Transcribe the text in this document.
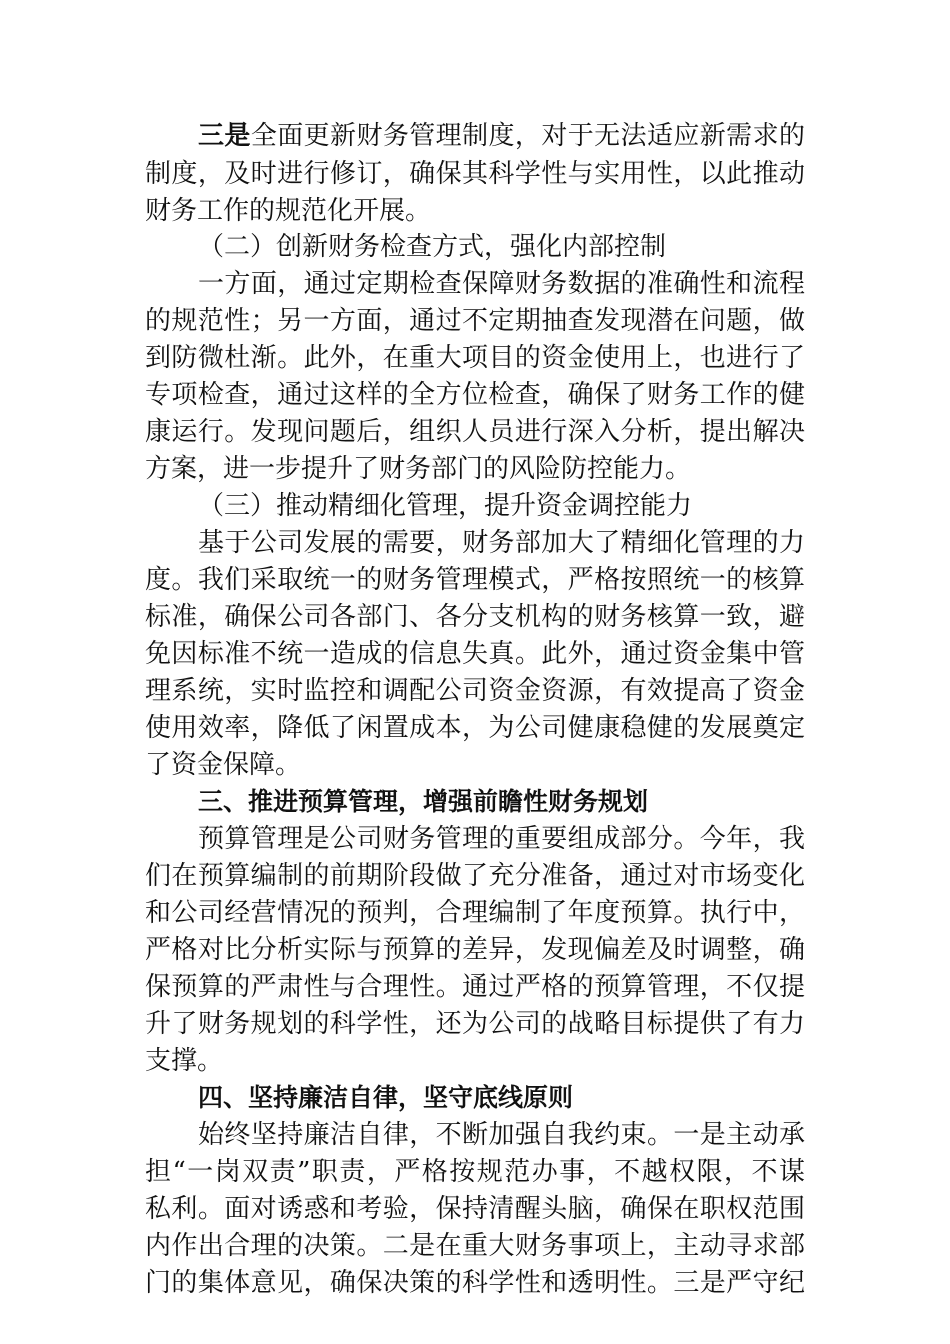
三是全面更新财务管理制度，对于无法适应新需求的
制度，及时进行修订，确保其科学性与实用性，以此推动
财务工作的规范化开展。
（二）创新财务检查方式，强化内部控制
一方面，通过定期检查保障财务数据的准确性和流程
的规范性；另一方面，通过不定期抽查发现潜在问题，做
到防微杜渐。此外，在重大项目的资金使用上，也进行了
专项检查，通过这样的全方位检查，确保了财务工作的健
康运行。发现问题后，组织人员进行深入分析，提出解决
方案，进一步提升了财务部门的风险防控能力。
（三）推动精细化管理，提升资金调控能力
基于公司发展的需要，财务部加大了精细化管理的力
度。我们采取统一的财务管理模式，严格按照统一的核算
标准，确保公司各部门、各分支机构的财务核算一致，避
免因标准不统一造成的信息失真。此外，通过资金集中管
理系统，实时监控和调配公司资金资源，有效提高了资金
使用效率，降低了闲置成本，为公司健康稳健的发展奠定
了资金保障。
三、推进预算管理，增强前瞻性财务规划
预算管理是公司财务管理的重要组成部分。今年，我
们在预算编制的前期阶段做了充分准备，通过对市场变化
和公司经营情况的预判，合理编制了年度预算。执行中，
严格对比分析实际与预算的差异，发现偏差及时调整，确
保预算的严肃性与合理性。通过严格的预算管理，不仅提
升了财务规划的科学性，还为公司的战略目标提供了有力
支撑。
四、坚持廉洁自律，坚守底线原则
始终坚持廉洁自律，不断加强自我约束。一是主动承
担“一岗双责”职责，严格按规范办事，不越权限，不谋
私利。面对诱惑和考验，保持清醒头脑，确保在职权范围
内作出合理的决策。二是在重大财务事项上，主动寻求部
门的集体意见，确保决策的科学性和透明性。三是严守纪
